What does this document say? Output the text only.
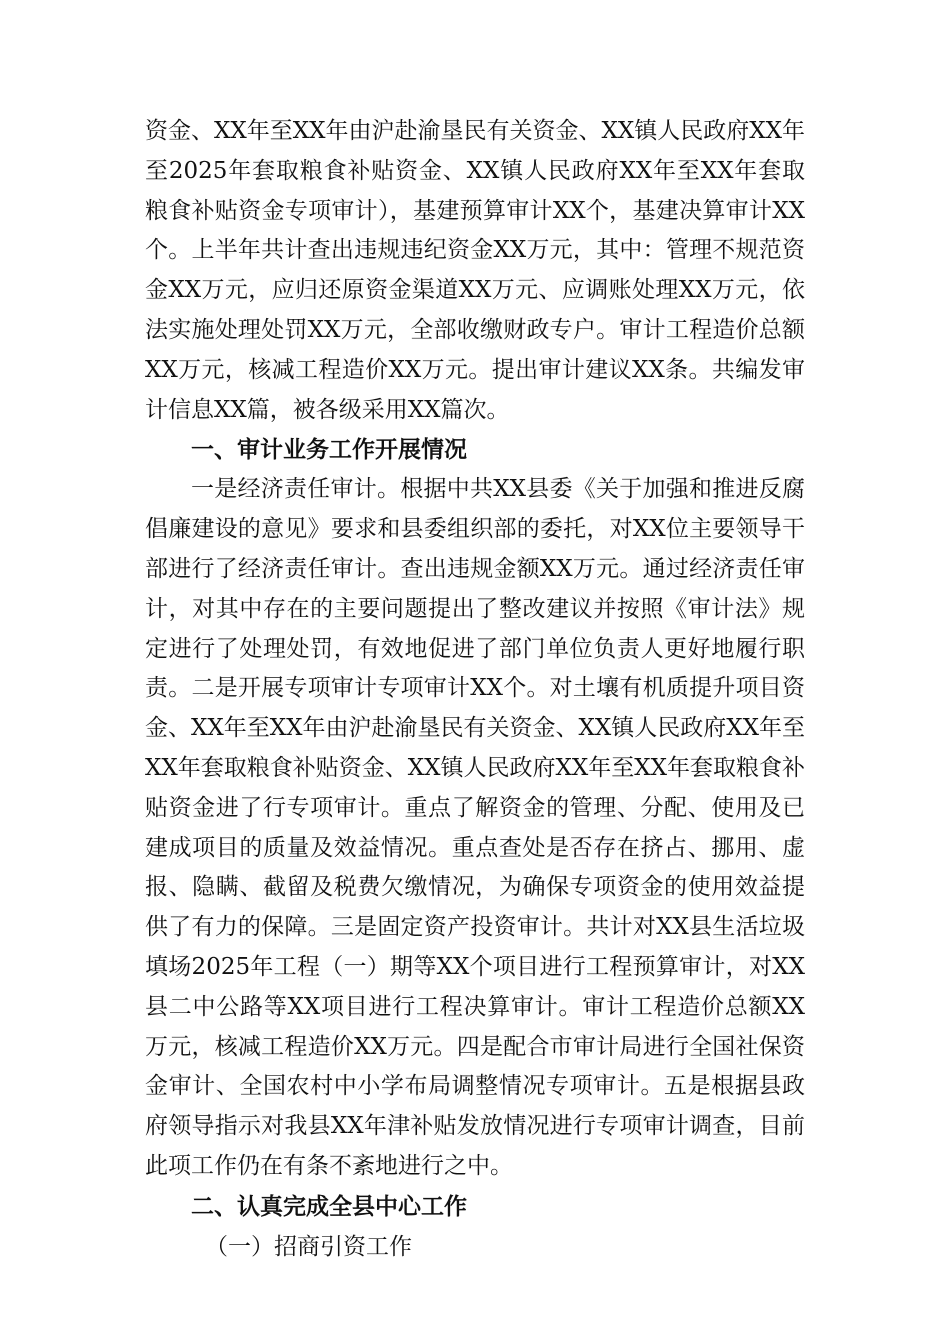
资金、XX年至XX年由沪赴渝垦民有关资金、XX镇人民政府XX年至2025年套取粮食补贴资金、XX镇人民政府XX年至XX年套取粮食补贴资金专项审计），基建预算审计XX个，基建决算审计XX个。上半年共计查出违规违纪资金XX万元，其中：管理不规范资金XX万元，应归还原资金渠道XX万元、应调账处理XX万元，依法实施处理处罚XX万元，全部收缴财政专户。审计工程造价总额XX万元，核减工程造价XX万元。提出审计建议XX条。共编发审计信息XX篇，被各级采用XX篇次。

一、审计业务工作开展情况

一是经济责任审计。根据中共XX县委《关于加强和推进反腐倡廉建设的意见》要求和县委组织部的委托，对XX位主要领导干部进行了经济责任审计。查出违规金额XX万元。通过经济责任审计，对其中存在的主要问题提出了整改建议并按照《审计法》规定进行了处理处罚，有效地促进了部门单位负责人更好地履行职责。二是开展专项审计专项审计XX个。对土壤有机质提升项目资金、XX年至XX年由沪赴渝垦民有关资金、XX镇人民政府XX年至XX年套取粮食补贴资金、XX镇人民政府XX年至XX年套取粮食补贴资金进了行专项审计。重点了解资金的管理、分配、使用及已建成项目的质量及效益情况。重点查处是否存在挤占、挪用、虚报、隐瞒、截留及税费欠缴情况，为确保专项资金的使用效益提供了有力的保障。三是固定资产投资审计。共计对XX县生活垃圾填场2025年工程（一）期等XX个项目进行工程预算审计，对XX县二中公路等XX项目进行工程决算审计。审计工程造价总额XX万元，核减工程造价XX万元。四是配合市审计局进行全国社保资金审计、全国农村中小学布局调整情况专项审计。五是根据县政府领导指示对我县XX年津补贴发放情况进行专项审计调查，目前此项工作仍在有条不紊地进行之中。

二、认真完成全县中心工作

（一）招商引资工作
